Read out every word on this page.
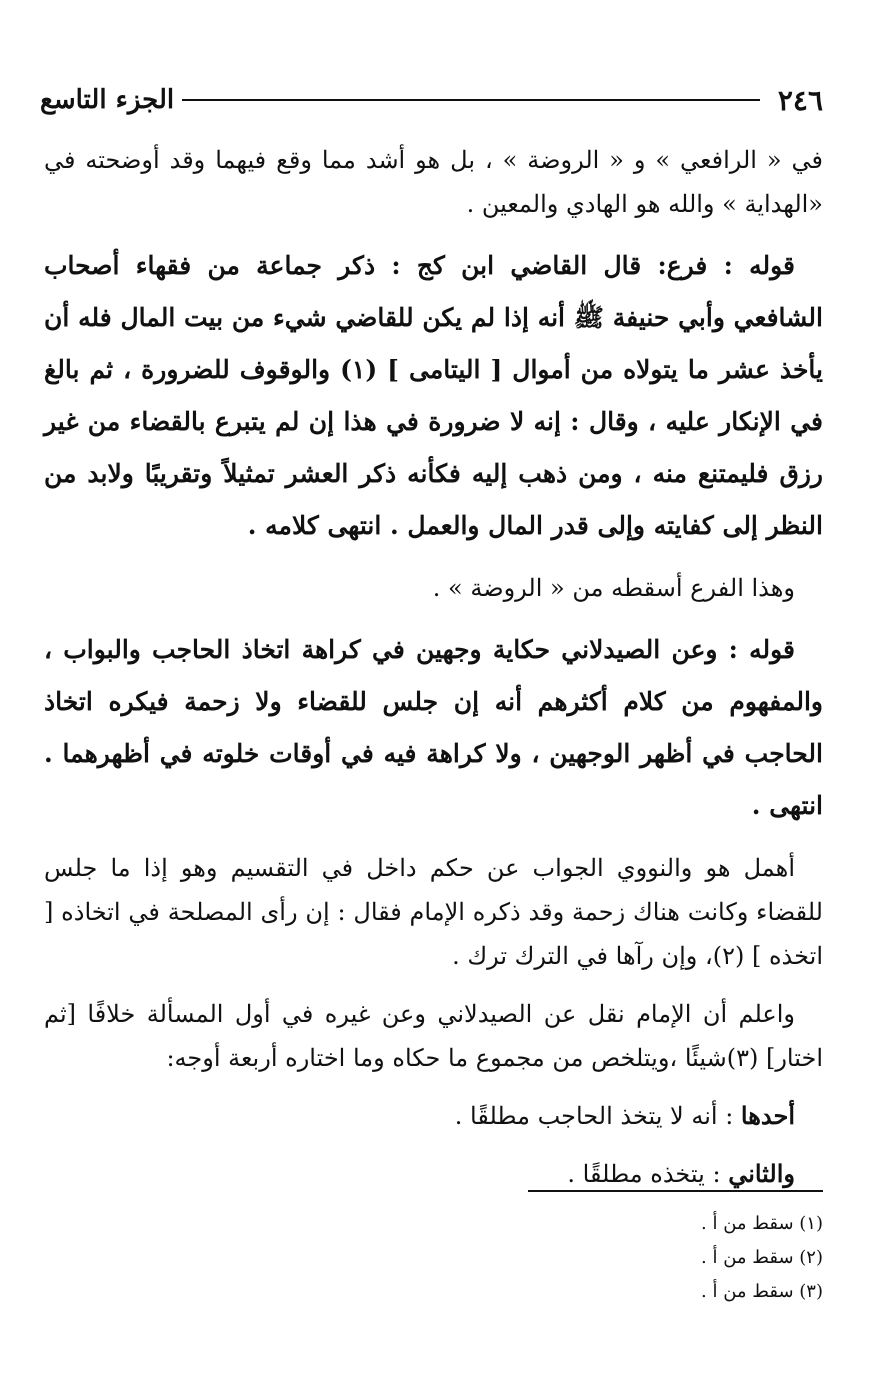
٢٤٦
الجزء التاسع

في « الرافعي » و « الروضة » ، بل هو أشد مما وقع فيهما وقد أوضحته في «الهداية » والله هو الهادي والمعين .

قوله : فرع: قال القاضي ابن كج : ذكر جماعة من فقهاء أصحاب الشافعي وأبي حنيفة ﷺ أنه إذا لم يكن للقاضي شيء من بيت المال فله أن يأخذ عشر ما يتولاه من أموال [ اليتامى ] (١) والوقوف للضرورة ، ثم بالغ في الإنكار عليه ، وقال : إنه لا ضرورة في هذا إن لم يتبرع بالقضاء من غير رزق فليمتنع منه ، ومن ذهب إليه فكأنه ذكر العشر تمثيلاً وتقريبًا ولابد من النظر إلى كفايته وإلى قدر المال والعمل . انتهى كلامه .

وهذا الفرع أسقطه من « الروضة » .

قوله : وعن الصيدلاني حكاية وجهين في كراهة اتخاذ الحاجب والبواب ، والمفهوم من كلام أكثرهم أنه إن جلس للقضاء ولا زحمة فيكره اتخاذ الحاجب في أظهر الوجهين ، ولا كراهة فيه في أوقات خلوته في أظهرهما . انتهى .

أهمل هو والنووي الجواب عن حكم داخل في التقسيم وهو إذا ما جلس للقضاء وكانت هناك زحمة وقد ذكره الإمام فقال : إن رأى المصلحة في اتخاذه [ اتخذه ] (٢)، وإن رآها في الترك ترك .

واعلم أن الإمام نقل عن الصيدلاني وعن غيره في أول المسألة خلافًا [ثم اختار] (٣)شيئًا ،ويتلخص من مجموع ما حكاه وما اختاره أربعة أوجه:

أحدها : أنه لا يتخذ الحاجب مطلقًا .

والثاني : يتخذه مطلقًا .

(١) سقط من أ .
(٢) سقط من أ .
(٣) سقط من أ .
